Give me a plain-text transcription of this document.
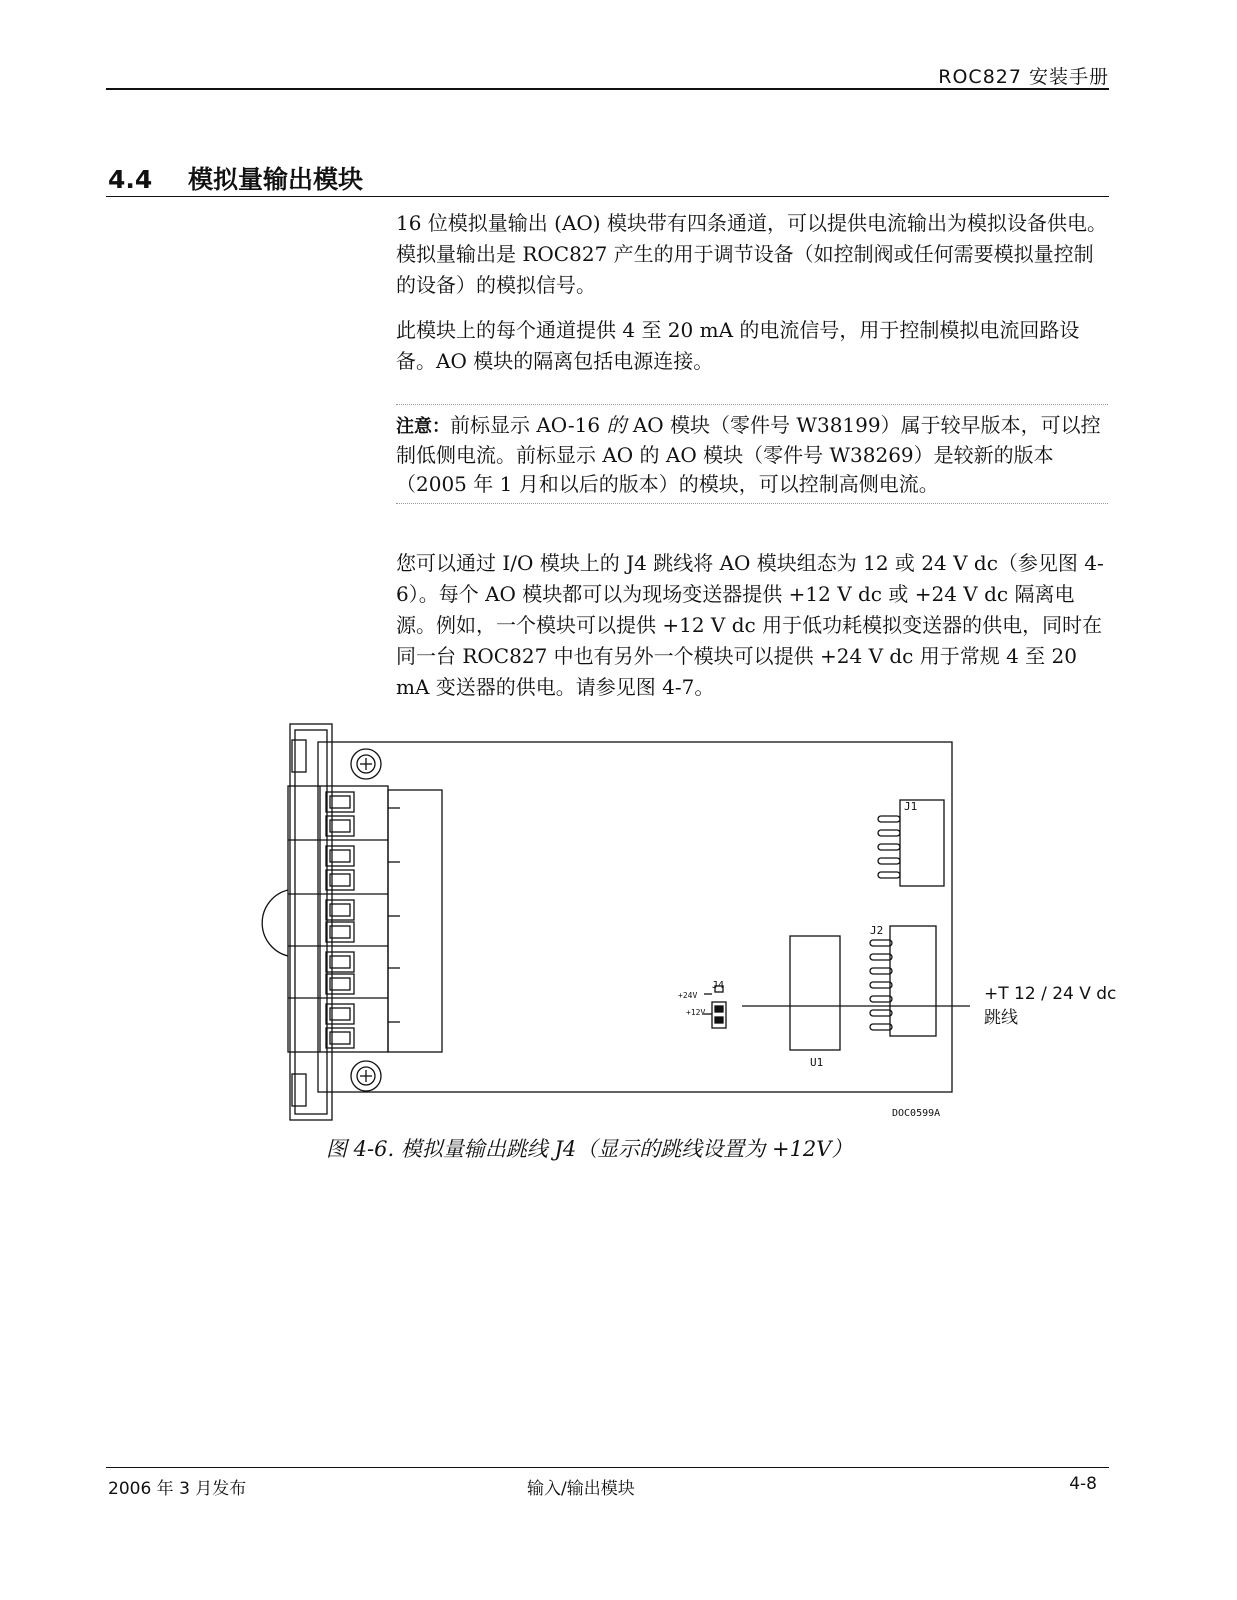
ROC827 安装手册
4.4 模拟量输出模块
16 位模拟量输出 (AO) 模块带有四条通道，可以提供电流输出为模拟设备供电。模拟量输出是 ROC827 产生的用于调节设备（如控制阀或任何需要模拟量控制的设备）的模拟信号。
此模块上的每个通道提供 4 至 20 mA 的电流信号，用于控制模拟电流回路设备。AO 模块的隔离包括电源连接。
注意：前标显示 AO-16 的 AO 模块（零件号 W38199）属于较早版本，可以控制低侧电流。前标显示 AO 的 AO 模块（零件号 W38269）是较新的版本（2005 年 1 月和以后的版本）的模块，可以控制高侧电流。
您可以通过 I/O 模块上的 J4 跳线将 AO 模块组态为 12 或 24 V dc（参见图 4-6）。每个 AO 模块都可以为现场变送器提供 +12 V dc 或 +24 V dc 隔离电源。例如，一个模块可以提供 +12 V dc 用于低功耗模拟变送器的供电，同时在同一台 ROC827 中也有另外一个模块可以提供 +24 V dc 用于常规 4 至 20 mA 变送器的供电。请参见图 4-7。
J1
J2
J4
+24V
+12V
U1
DOC0599A
+T 12 / 24 V dc
跳线
图 4-6. 模拟量输出跳线 J4（显示的跳线设置为 +12V）
2006 年 3 月发布	输入/输出模块	4-8
